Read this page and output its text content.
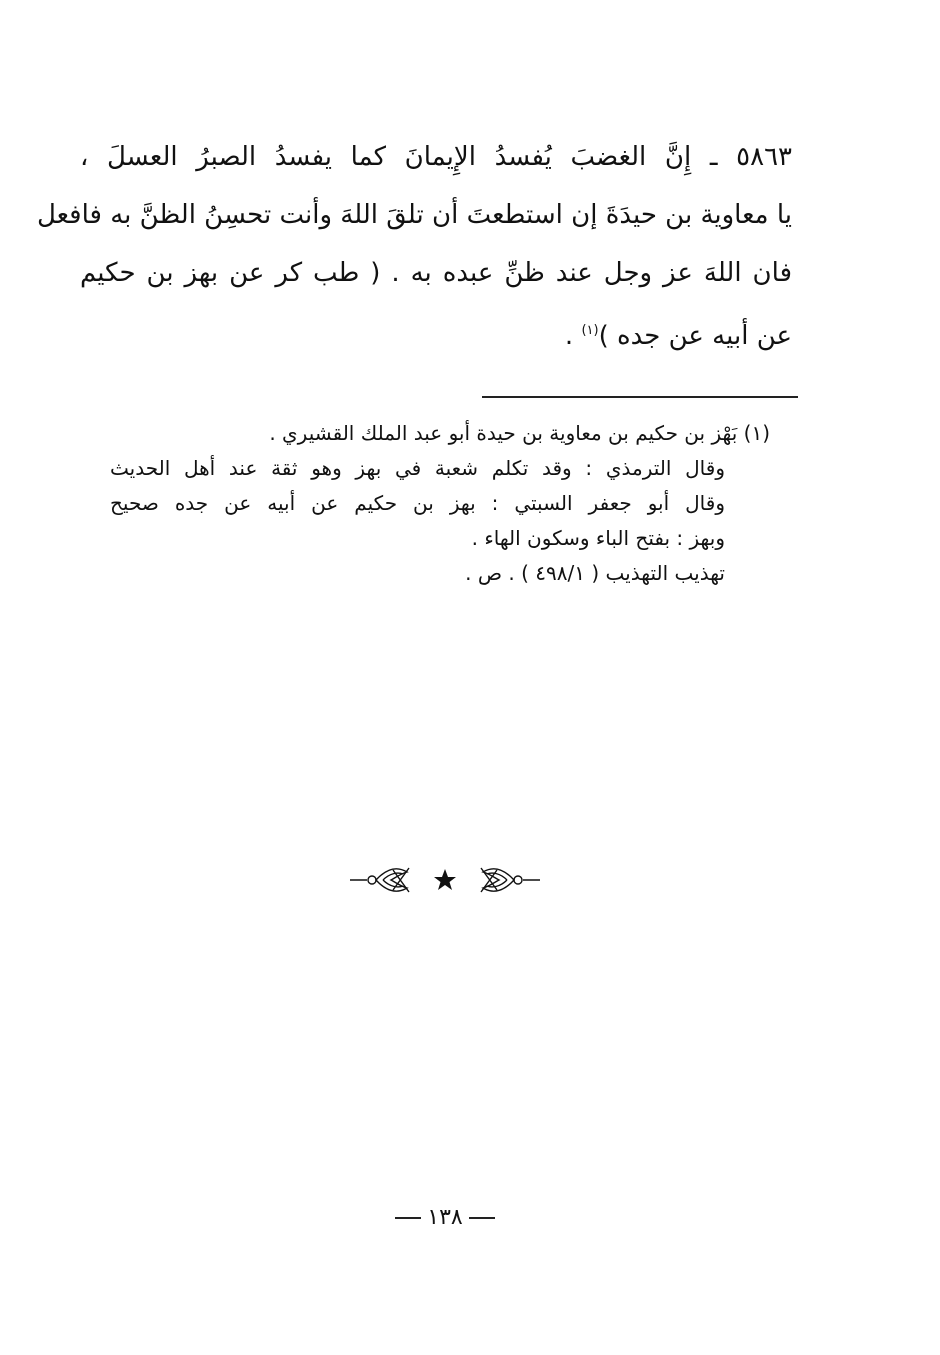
٥٨٦٣ ـ إِنَّ الغضبَ يُفسدُ الإِيمانَ كما يفسدُ الصبرُ العسلَ ،
يا معاوية بن حيدَةَ إن استطعتَ أن تلقَ اللهَ وأنت تحسِنُ الظنَّ به فافعل
فان اللهَ عز وجل عند ظنِّ عبده به . ( طب كر عن بهز بن حكيم
عن أبيه عن جده )$^{(١)}$ .
(١) بَهْز بن حكيم بن معاوية بن حيدة أبو عبد الملك القشيري .
وقال الترمذي : وقد تكلم شعبة في بهز وهو ثقة عند أهل الحديث
وقال أبو جعفر السبتي : بهز بن حكيم عن أبيه عن جده صحيح
وبهز : بفتح الباء وسكون الهاء .
تهذيب التهذيب ( ٤٩٨/١ ) . ص .
١٣٨
